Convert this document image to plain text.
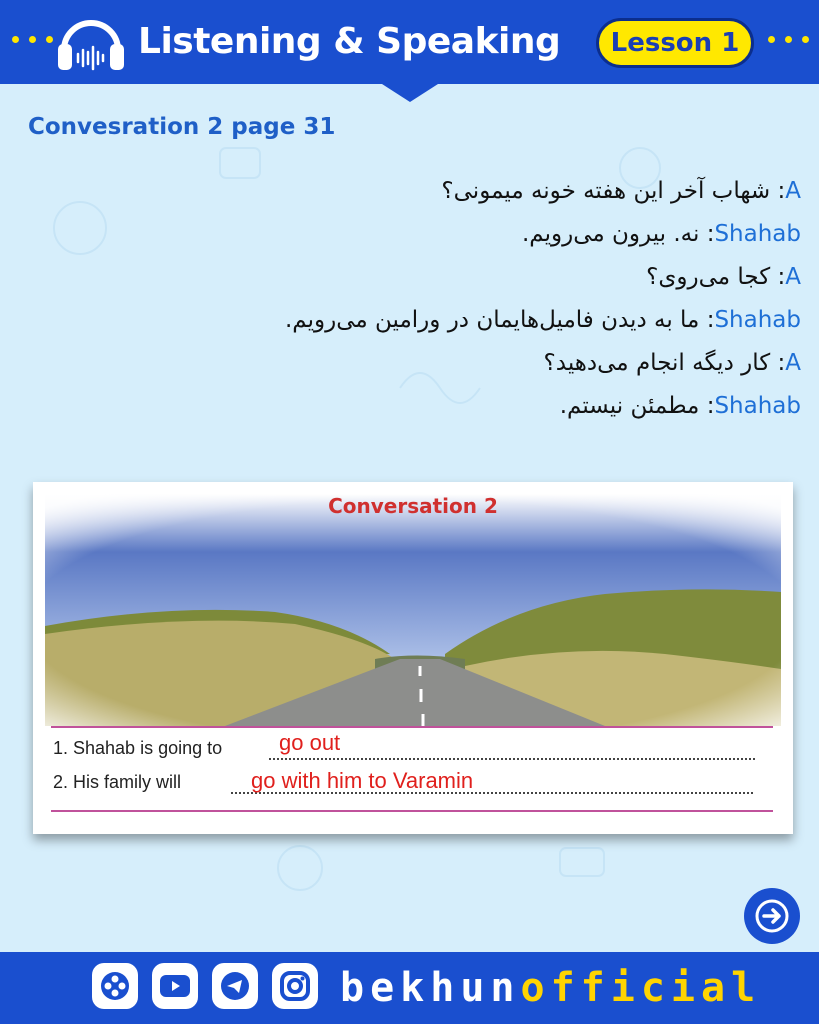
Listening & Speaking	Lesson 1
Convesration 2 page 31
A: شهاب آخر این هفته خونه میمونی؟
Shahab: نه. بیرون می‌رویم.
A: کجا می‌روی؟
Shahab: ما به دیدن فامیل‌هایمان در ورامین می‌رویم.
A: کار دیگه انجام می‌دهید؟
Shahab: مطمئن نیستم.
Conversation 2
1. Shahab is going to	go out
2. His family will	go with him to Varamin
bekhunofficial
